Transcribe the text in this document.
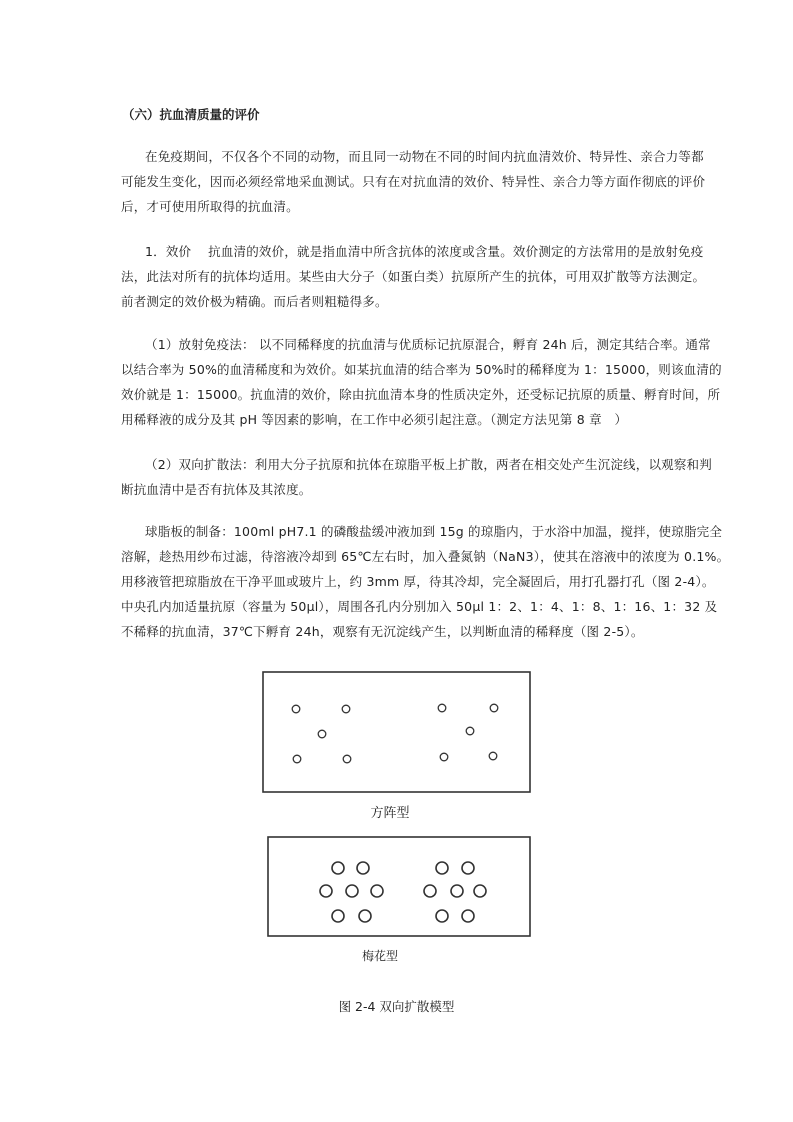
（六）抗血清质量的评价
在免疫期间，不仅各个不同的动物，而且同一动物在不同的时间内抗血清效价、特异性、亲合力等都
可能发生变化，因而必须经常地采血测试。只有在对抗血清的效价、特异性、亲合力等方面作彻底的评价
后，才可使用所取得的抗血清。
1．效价　 抗血清的效价，就是指血清中所含抗体的浓度或含量。效价测定的方法常用的是放射免疫
法，此法对所有的抗体均适用。某些由大分子（如蛋白类）抗原所产生的抗体，可用双扩散等方法测定。
前者测定的效价极为精确。而后者则粗糙得多。
（1）放射免疫法： 以不同稀释度的抗血清与优质标记抗原混合，孵育 24h 后，测定其结合率。通常
以结合率为 50%的血清稀度和为效价。如某抗血清的结合率为 50%时的稀释度为 1：15000，则该血清的
效价就是 1：15000。抗血清的效价，除由抗血清本身的性质决定外，还受标记抗原的质量、孵育时间，所
用稀释液的成分及其 pH 等因素的影响，在工作中必须引起注意。（测定方法见第 8 章　）
（2）双向扩散法：利用大分子抗原和抗体在琼脂平板上扩散，两者在相交处产生沉淀线，以观察和判
断抗血清中是否有抗体及其浓度。
球脂板的制备：100ml pH7.1 的磷酸盐缓冲液加到 15g 的琼脂内，于水浴中加温，搅拌，使琼脂完全
溶解，趁热用纱布过滤，待溶液冷却到 65℃左右时，加入叠氮钠（NaN3），使其在溶液中的浓度为 0.1%。
用移液管把琼脂放在干净平皿或玻片上，约 3mm 厚，待其冷却，完全凝固后，用打孔器打孔（图 2-4）。
中央孔内加适量抗原（容量为 50μl），周围各孔内分别加入 50μl 1：2、1：4、1：8、1：16、1：32 及
不稀释的抗血清，37℃下孵育 24h，观察有无沉淀线产生，以判断血清的稀释度（图 2-5）。
方阵型
梅花型
图 2-4 双向扩散模型
